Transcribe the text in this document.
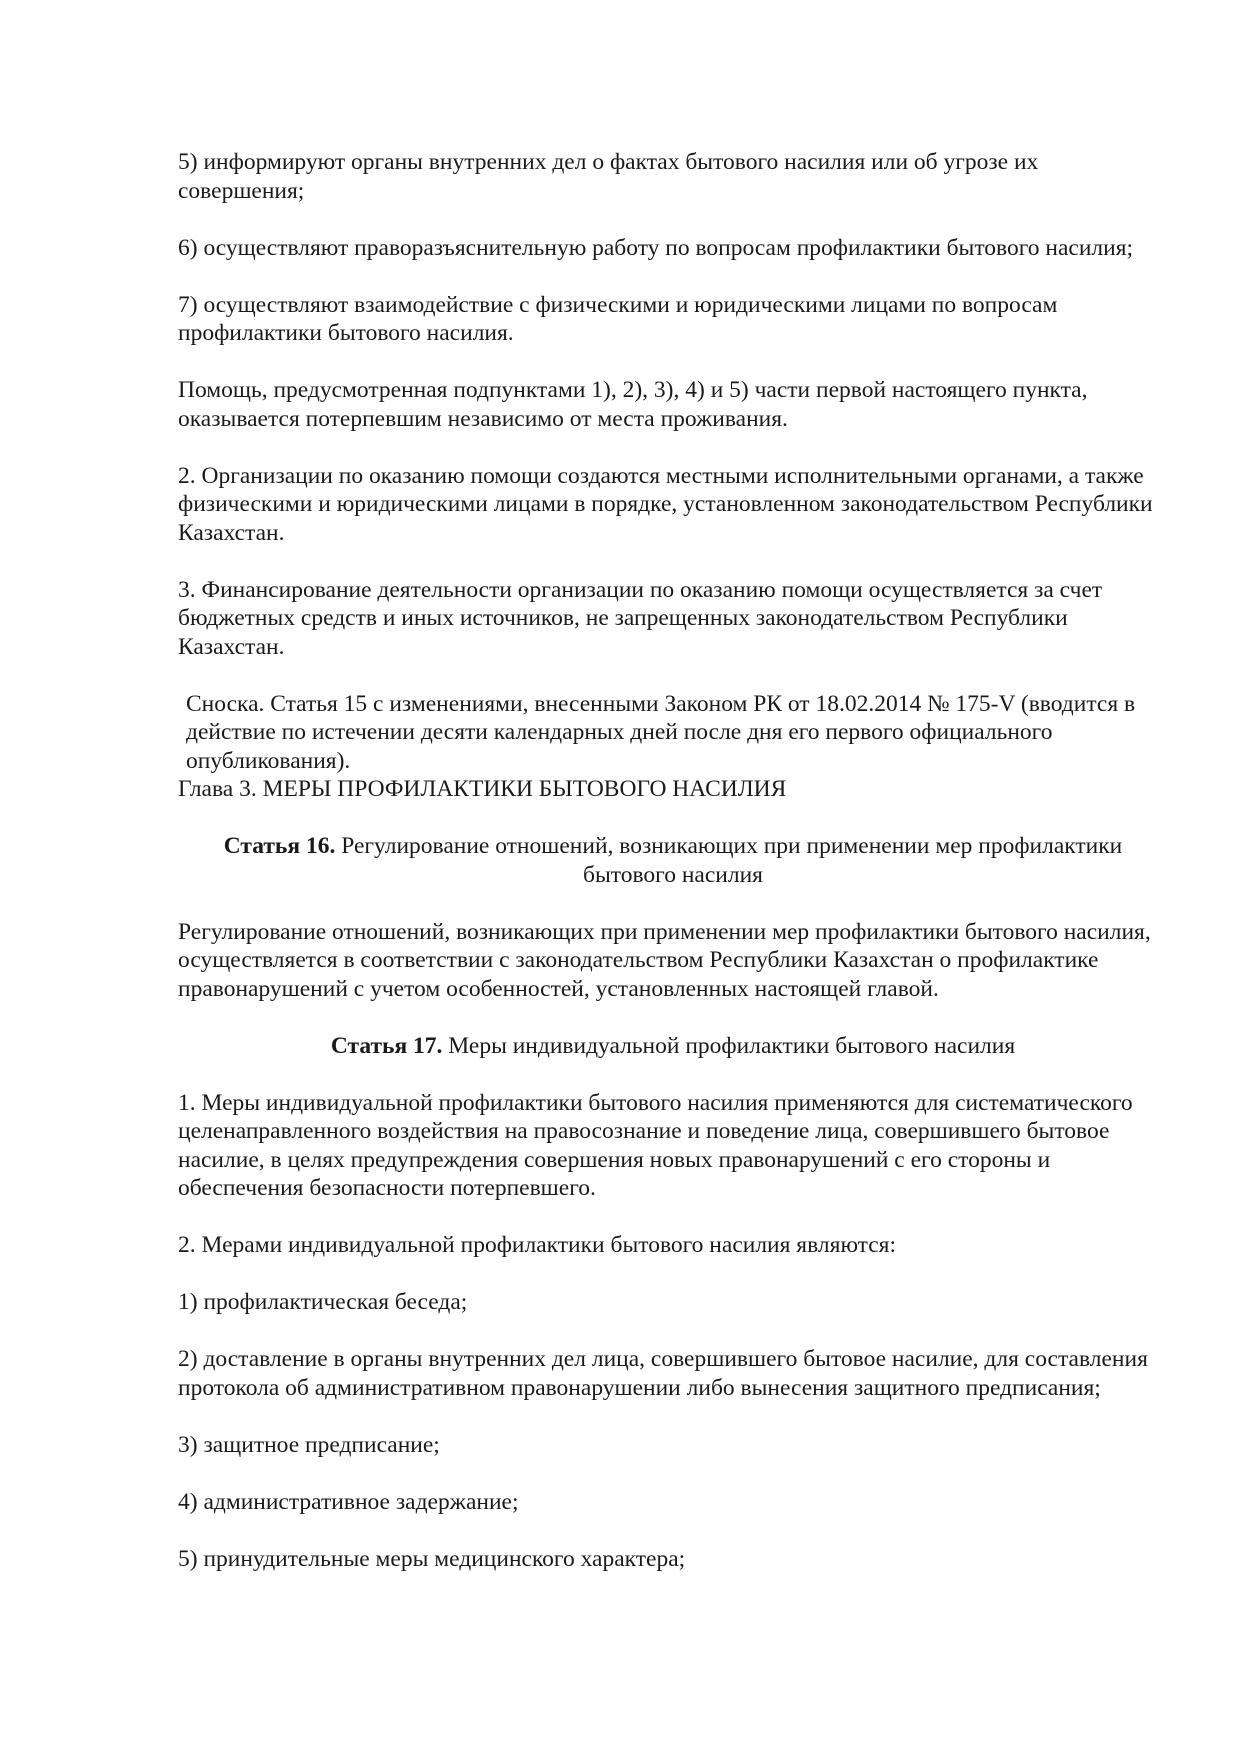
5) информируют органы внутренних дел о фактах бытового насилия или об угрозе их совершения;

6) осуществляют праворазъяснительную работу по вопросам профилактики бытового насилия;

7) осуществляют взаимодействие с физическими и юридическими лицами по вопросам профилактики бытового насилия.

Помощь, предусмотренная подпунктами 1), 2), 3), 4) и 5) части первой настоящего пункта, оказывается потерпевшим независимо от места проживания.

2. Организации по оказанию помощи создаются местными исполнительными органами, а также физическими и юридическими лицами в порядке, установленном законодательством Республики Казахстан.

3. Финансирование деятельности организации по оказанию помощи осуществляется за счет бюджетных средств и иных источников, не запрещенных законодательством Республики Казахстан.

Сноска. Статья 15 с изменениями, внесенными Законом РК от 18.02.2014 № 175-V (вводится в действие по истечении десяти календарных дней после дня его первого официального опубликования).

Глава 3. МЕРЫ ПРОФИЛАКТИКИ БЫТОВОГО НАСИЛИЯ

Статья 16. Регулирование отношений, возникающих при применении мер профилактики бытового насилия

Регулирование отношений, возникающих при применении мер профилактики бытового насилия, осуществляется в соответствии с законодательством Республики Казахстан о профилактике правонарушений с учетом особенностей, установленных настоящей главой.

Статья 17. Меры индивидуальной профилактики бытового насилия

1. Меры индивидуальной профилактики бытового насилия применяются для систематического целенаправленного воздействия на правосознание и поведение лица, совершившего бытовое насилие, в целях предупреждения совершения новых правонарушений с его стороны и обеспечения безопасности потерпевшего.

2. Мерами индивидуальной профилактики бытового насилия являются:

1) профилактическая беседа;

2) доставление в органы внутренних дел лица, совершившего бытовое насилие, для составления протокола об административном правонарушении либо вынесения защитного предписания;

3) защитное предписание;

4) административное задержание;

5) принудительные меры медицинского характера;
